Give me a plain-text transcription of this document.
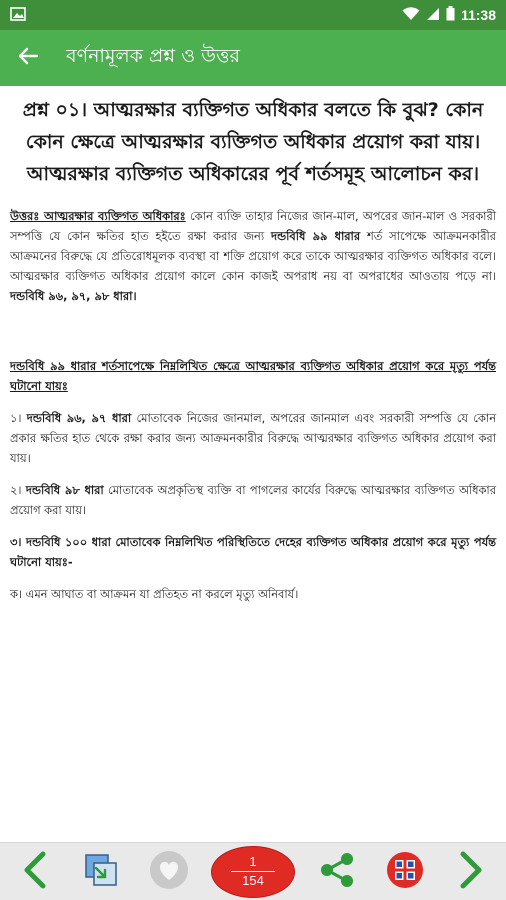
11:38
বর্ণনামূলক প্রশ্ন ও উত্তর
প্রশ্ন ০১। আত্মরক্ষার ব্যক্তিগত অধিকার বলতে কি বুঝ? কোন কোন ক্ষেত্রে আত্মরক্ষার ব্যক্তিগত অধিকার প্রয়োগ করা যায়। আত্মরক্ষার ব্যক্তিগত অধিকারের পূর্ব শর্তসমূহ আলোচন কর।
উত্তরঃ আত্মরক্ষার ব্যক্তিগত অধিকারঃ কোন ব্যক্তি তাহার নিজের জান-মাল, অপরের জান-মাল ও সরকারী সম্পত্তি যে কোন ক্ষতির হাত হইতে রক্ষা করার জন্য দন্ডবিধি ৯৯ ধারার শর্ত সাপেক্ষে আক্রমনকারীর আক্রমনের বিরুদ্ধে যে প্রতিরোধমূলক ব্যবস্থা বা শক্তি প্রয়োগ করে তাকে আত্মরক্ষার ব্যক্তিগত অধিকার বলে। আত্মরক্ষার ব্যক্তিগত অধিকার প্রয়োগ কালে কোন কাজই অপরাধ নয় বা অপরাধের আওতায় পড়ে না। দন্ডবিধি ৯৬, ৯৭, ৯৮ ধারা।
দন্ডবিধি ৯৯ ধারার শর্তসাপেক্ষে নিম্নলিখিত ক্ষেত্রে আত্মরক্ষার ব্যক্তিগত অধিকার প্রয়োগ করে মৃত্যু পর্যন্ত ঘটানো যায়ঃ
১। দন্ডবিধি ৯৬, ৯৭ ধারা মোতাবেক নিজের জানমাল, অপরের জানমাল এবং সরকারী সম্পত্তি যে কোন প্রকার ক্ষতির হাত থেকে রক্ষা করার জন্য আক্রমনকারীর বিরুদ্ধে আত্মরক্ষার ব্যক্তিগত অধিকার প্রয়োগ করা যায়।
২। দন্ডবিধি ৯৮ ধারা মোতাবেক অপ্রকৃতিস্থ ব্যক্তি বা পাগলের কার্যের বিরুদ্ধে আত্মরক্ষার ব্যক্তিগত অধিকার প্রয়োগ করা যায়।
৩। দন্ডবিধি ১০০ ধারা মোতাবেক নিম্নলিখিত পরিস্থিতিতে দেহের ব্যক্তিগত অধিকার প্রয়োগ করে মৃত্যু পর্যন্ত ঘটানো যায়ঃ-
ক। এমন আঘাত বা আক্রমন যা প্রতিহত না করলে মৃত্যু অনিবার্য।
1
154
